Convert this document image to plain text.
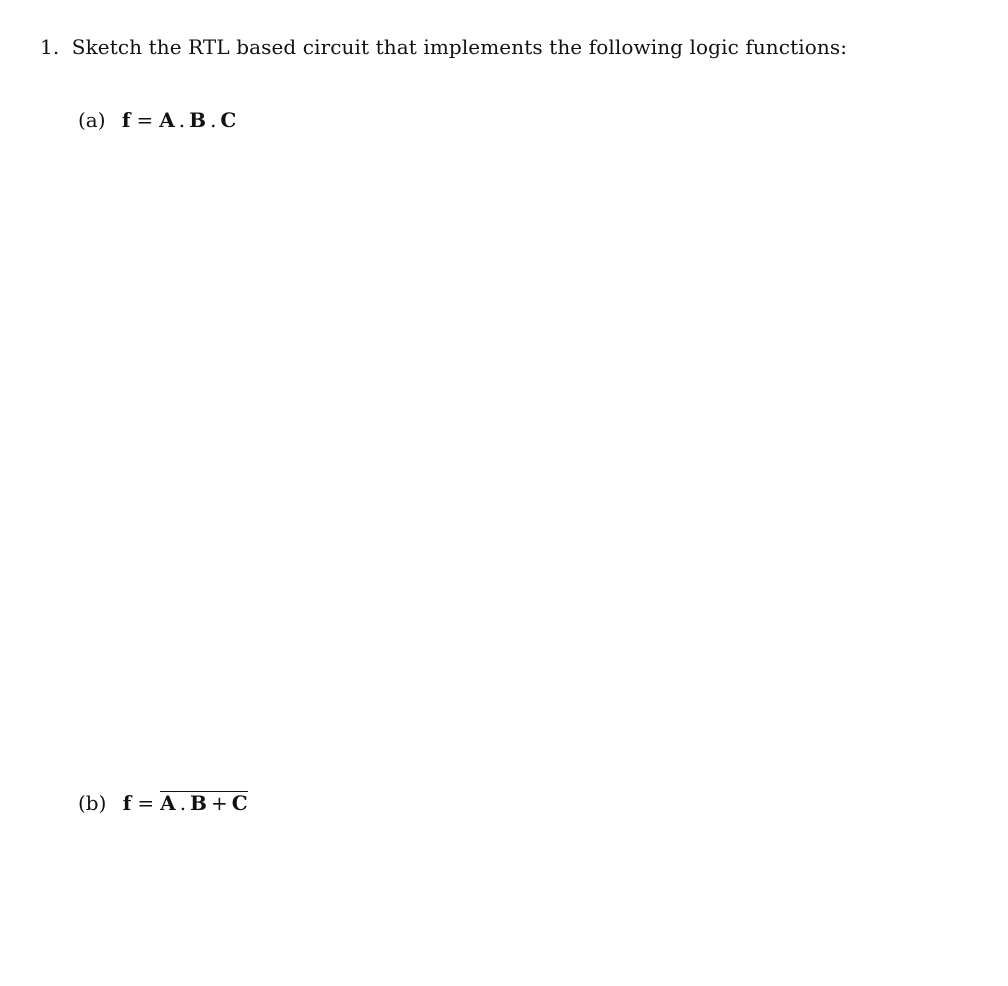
1. Sketch the RTL based circuit that implements the following logic functions:
(a) f = A . B . C
(b) f = A . B + C
